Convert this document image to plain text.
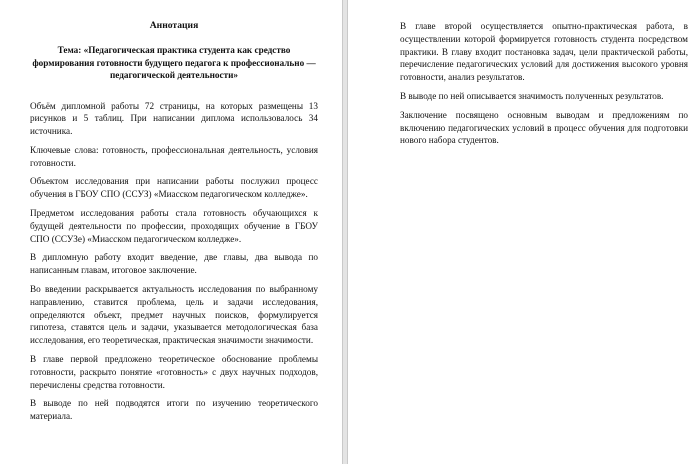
Аннотация

Тема: «Педагогическая практика студента как средство формирования готовности будущего педагога к профессионально — педагогической деятельности»

Объём дипломной работы 72 страницы, на которых размещены 13 рисунков и 5 таблиц. При написании диплома использовалось 34 источника.

Ключевые слова: готовность, профессиональная деятельность, условия готовности.

Объектом исследования при написании работы послужил процесс обучения в ГБОУ СПО (ССУЗ) «Миасском педагогическом колледже».

Предметом исследования работы стала готовность обучающихся к будущей деятельности по профессии, проходящих обучение в ГБОУ СПО (ССУЗе) «Миасском педагогическом колледже».

В дипломную работу входит введение, две главы, два вывода по написанным главам, итоговое заключение.

Во введении раскрывается актуальность исследования по выбранному направлению, ставится проблема, цель и задачи исследования, определяются объект, предмет научных поисков, формулируется гипотеза, ставятся цель и задачи, указывается методологическая база исследования, его теоретическая, практическая значимости значимости.

В главе первой предложено теоретическое обоснование проблемы готовности, раскрыто понятие «готовность» с двух научных подходов, перечислены средства готовности.

В выводе по ней подводятся итоги по изучению теоретического материала.

В главе второй осуществляется опытно-практическая работа, в осуществлении которой формируется готовность студента посредством практики. В главу входит постановка задач, цели практической работы, перечисление педагогических условий для достижения высокого уровня готовности, анализ результатов.

В выводе по ней описывается значимость полученных результатов.

Заключение посвящено основным выводам и предложениям по включению педагогических условий в процесс обучения для подготовки нового набора студентов.
